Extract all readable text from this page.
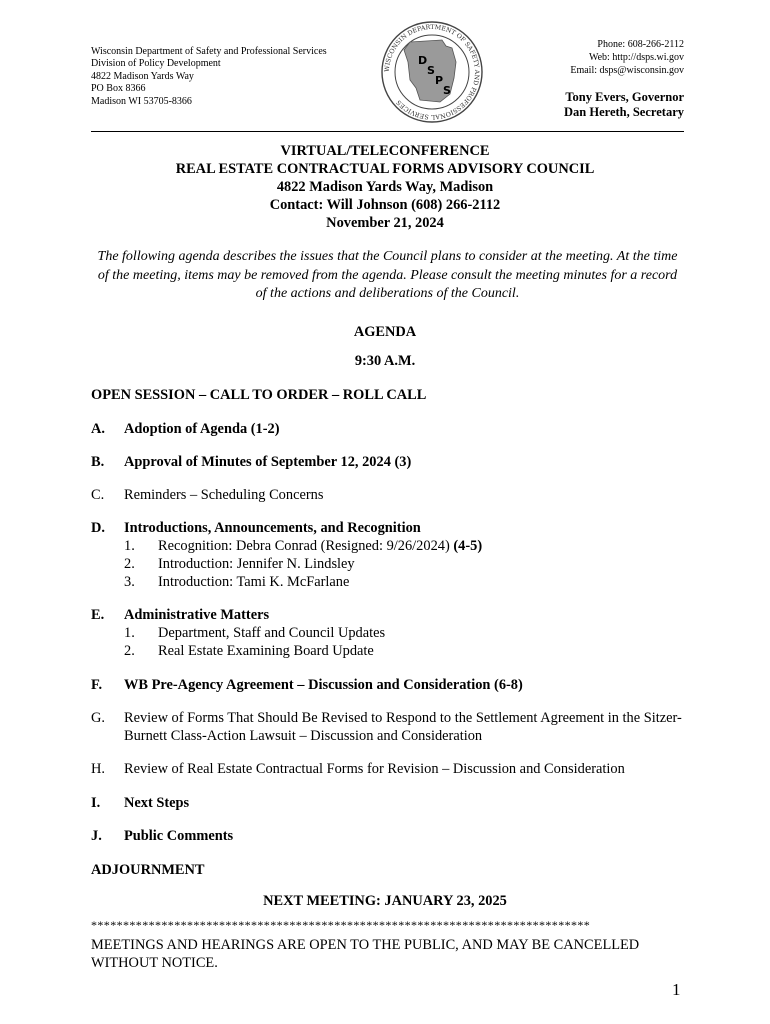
Wisconsin Department of Safety and Professional Services
Division of Policy Development
4822 Madison Yards Way
PO Box 8366
Madison WI 53705-8366
D
S
P
S
WISCONSIN DEPARTMENT OF SAFETY AND PROFESSIONAL SERVICES
Phone: 608-266-2112
Web: http://dsps.wi.gov
Email: dsps@wisconsin.gov
Tony Evers, Governor
Dan Hereth, Secretary
VIRTUAL/TELECONFERENCE
REAL ESTATE CONTRACTUAL FORMS ADVISORY COUNCIL
4822 Madison Yards Way, Madison
Contact: Will Johnson (608) 266-2112
November 21, 2024
The following agenda describes the issues that the Council plans to consider at the meeting. At the time of the meeting, items may be removed from the agenda. Please consult the meeting minutes for a record of the actions and deliberations of the Council.
AGENDA
9:30 A.M.
OPEN SESSION – CALL TO ORDER – ROLL CALL
A. Adoption of Agenda (1-2)
B. Approval of Minutes of September 12, 2024 (3)
C. Reminders – Scheduling Concerns
D. Introductions, Announcements, and Recognition
1. Recognition: Debra Conrad (Resigned: 9/26/2024) (4-5)
2. Introduction: Jennifer N. Lindsley
3. Introduction: Tami K. McFarlane
E. Administrative Matters
1. Department, Staff and Council Updates
2. Real Estate Examining Board Update
F. WB Pre-Agency Agreement – Discussion and Consideration (6-8)
G. Review of Forms That Should Be Revised to Respond to the Settlement Agreement in the Sitzer-Burnett Class-Action Lawsuit – Discussion and Consideration
H. Review of Real Estate Contractual Forms for Revision – Discussion and Consideration
I. Next Steps
J. Public Comments
ADJOURNMENT
NEXT MEETING: JANUARY 23, 2025
******************************************************************************
MEETINGS AND HEARINGS ARE OPEN TO THE PUBLIC, AND MAY BE CANCELLED WITHOUT NOTICE.
1
